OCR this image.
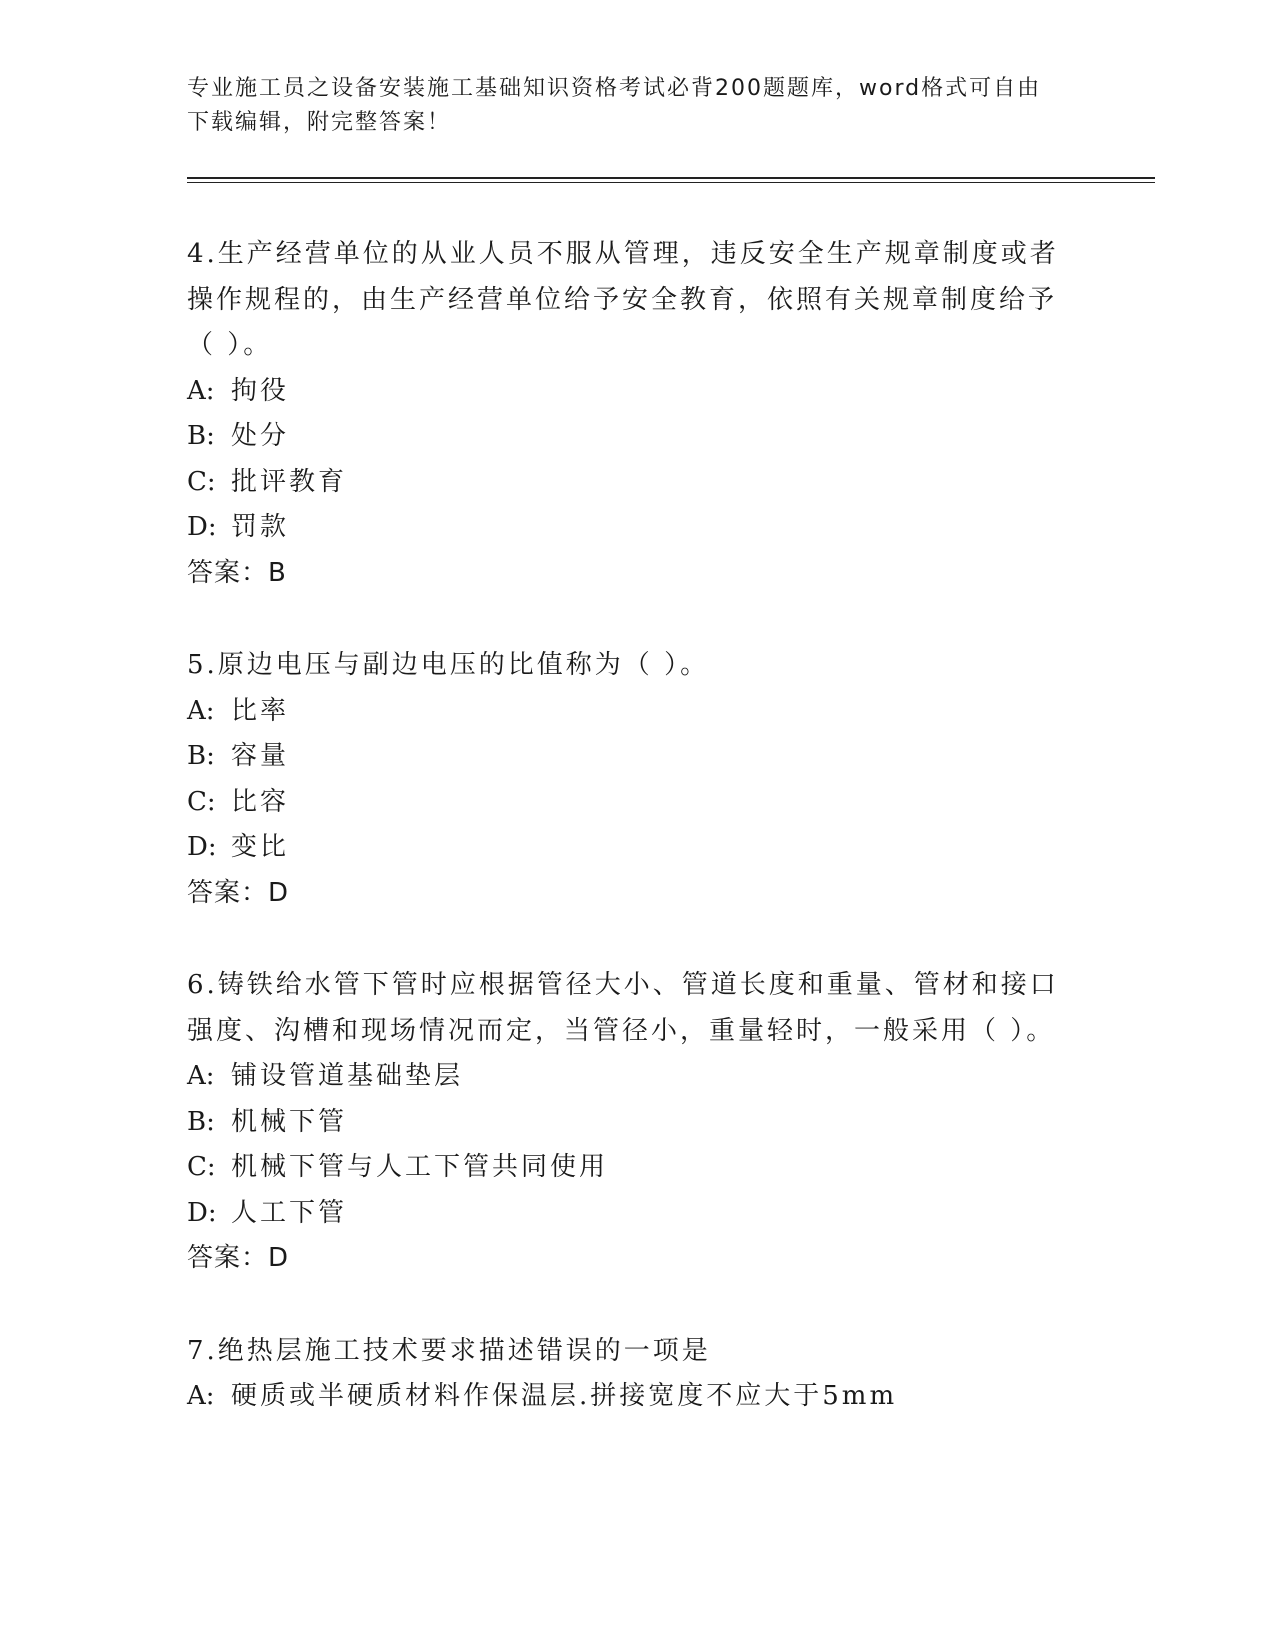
专业施工员之设备安装施工基础知识资格考试必背200题题库，word格式可自由
下载编辑，附完整答案！
4.生产经营单位的从业人员不服从管理，违反安全生产规章制度或者
操作规程的，由生产经营单位给予安全教育，依照有关规章制度给予
（ ）。
A: 拘役
B: 处分
C: 批评教育
D: 罚款
答案：B
5.原边电压与副边电压的比值称为（ ）。
A: 比率
B: 容量
C: 比容
D: 变比
答案：D
6.铸铁给水管下管时应根据管径大小、管道长度和重量、管材和接口
强度、沟槽和现场情况而定，当管径小，重量轻时，一般采用（ ）。
A: 铺设管道基础垫层
B: 机械下管
C: 机械下管与人工下管共同使用
D: 人工下管
答案：D
7.绝热层施工技术要求描述错误的一项是
A: 硬质或半硬质材料作保温层.拼接宽度不应大于5mm
